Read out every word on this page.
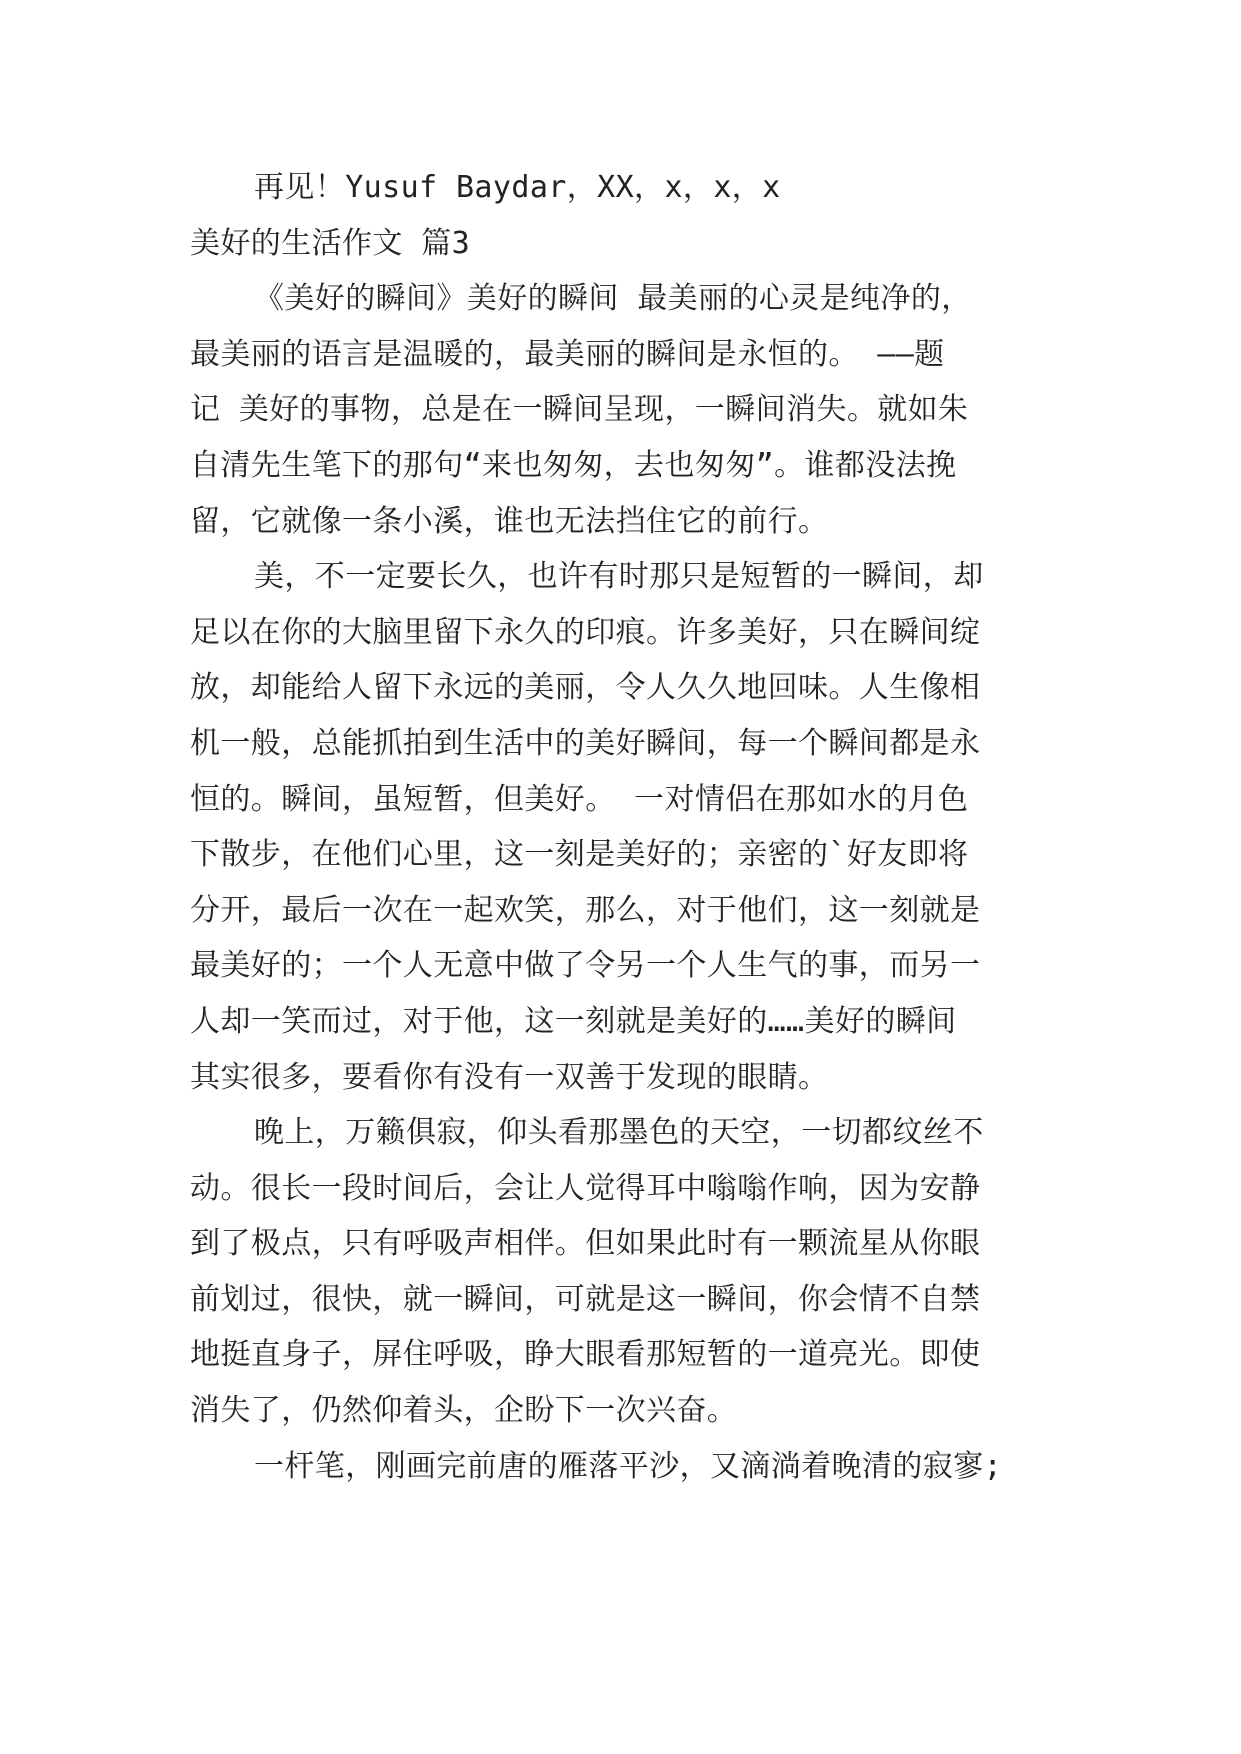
再见！Yusuf Baydar，XX，x，x，x
美好的生活作文 篇3
《美好的瞬间》美好的瞬间 最美丽的心灵是纯净的，
最美丽的语言是温暖的，最美丽的瞬间是永恒的。 ——题
记 美好的事物，总是在一瞬间呈现，一瞬间消失。就如朱
自清先生笔下的那句“来也匆匆，去也匆匆”。谁都没法挽
留，它就像一条小溪，谁也无法挡住它的前行。
美，不一定要长久，也许有时那只是短暂的一瞬间，却
足以在你的大脑里留下永久的印痕。许多美好，只在瞬间绽
放，却能给人留下永远的美丽，令人久久地回味。人生像相
机一般，总能抓拍到生活中的美好瞬间，每一个瞬间都是永
恒的。瞬间，虽短暂，但美好。 一对情侣在那如水的月色
下散步，在他们心里，这一刻是美好的；亲密的`好友即将
分开，最后一次在一起欢笑，那么，对于他们，这一刻就是
最美好的；一个人无意中做了令另一个人生气的事，而另一
人却一笑而过，对于他，这一刻就是美好的……美好的瞬间
其实很多，要看你有没有一双善于发现的眼睛。
晚上，万籁俱寂，仰头看那墨色的天空，一切都纹丝不
动。很长一段时间后，会让人觉得耳中嗡嗡作响，因为安静
到了极点，只有呼吸声相伴。但如果此时有一颗流星从你眼
前划过，很快，就一瞬间，可就是这一瞬间，你会情不自禁
地挺直身子，屏住呼吸，睁大眼看那短暂的一道亮光。即使
消失了，仍然仰着头，企盼下一次兴奋。
一杆笔，刚画完前唐的雁落平沙，又滴淌着晚清的寂寥;
